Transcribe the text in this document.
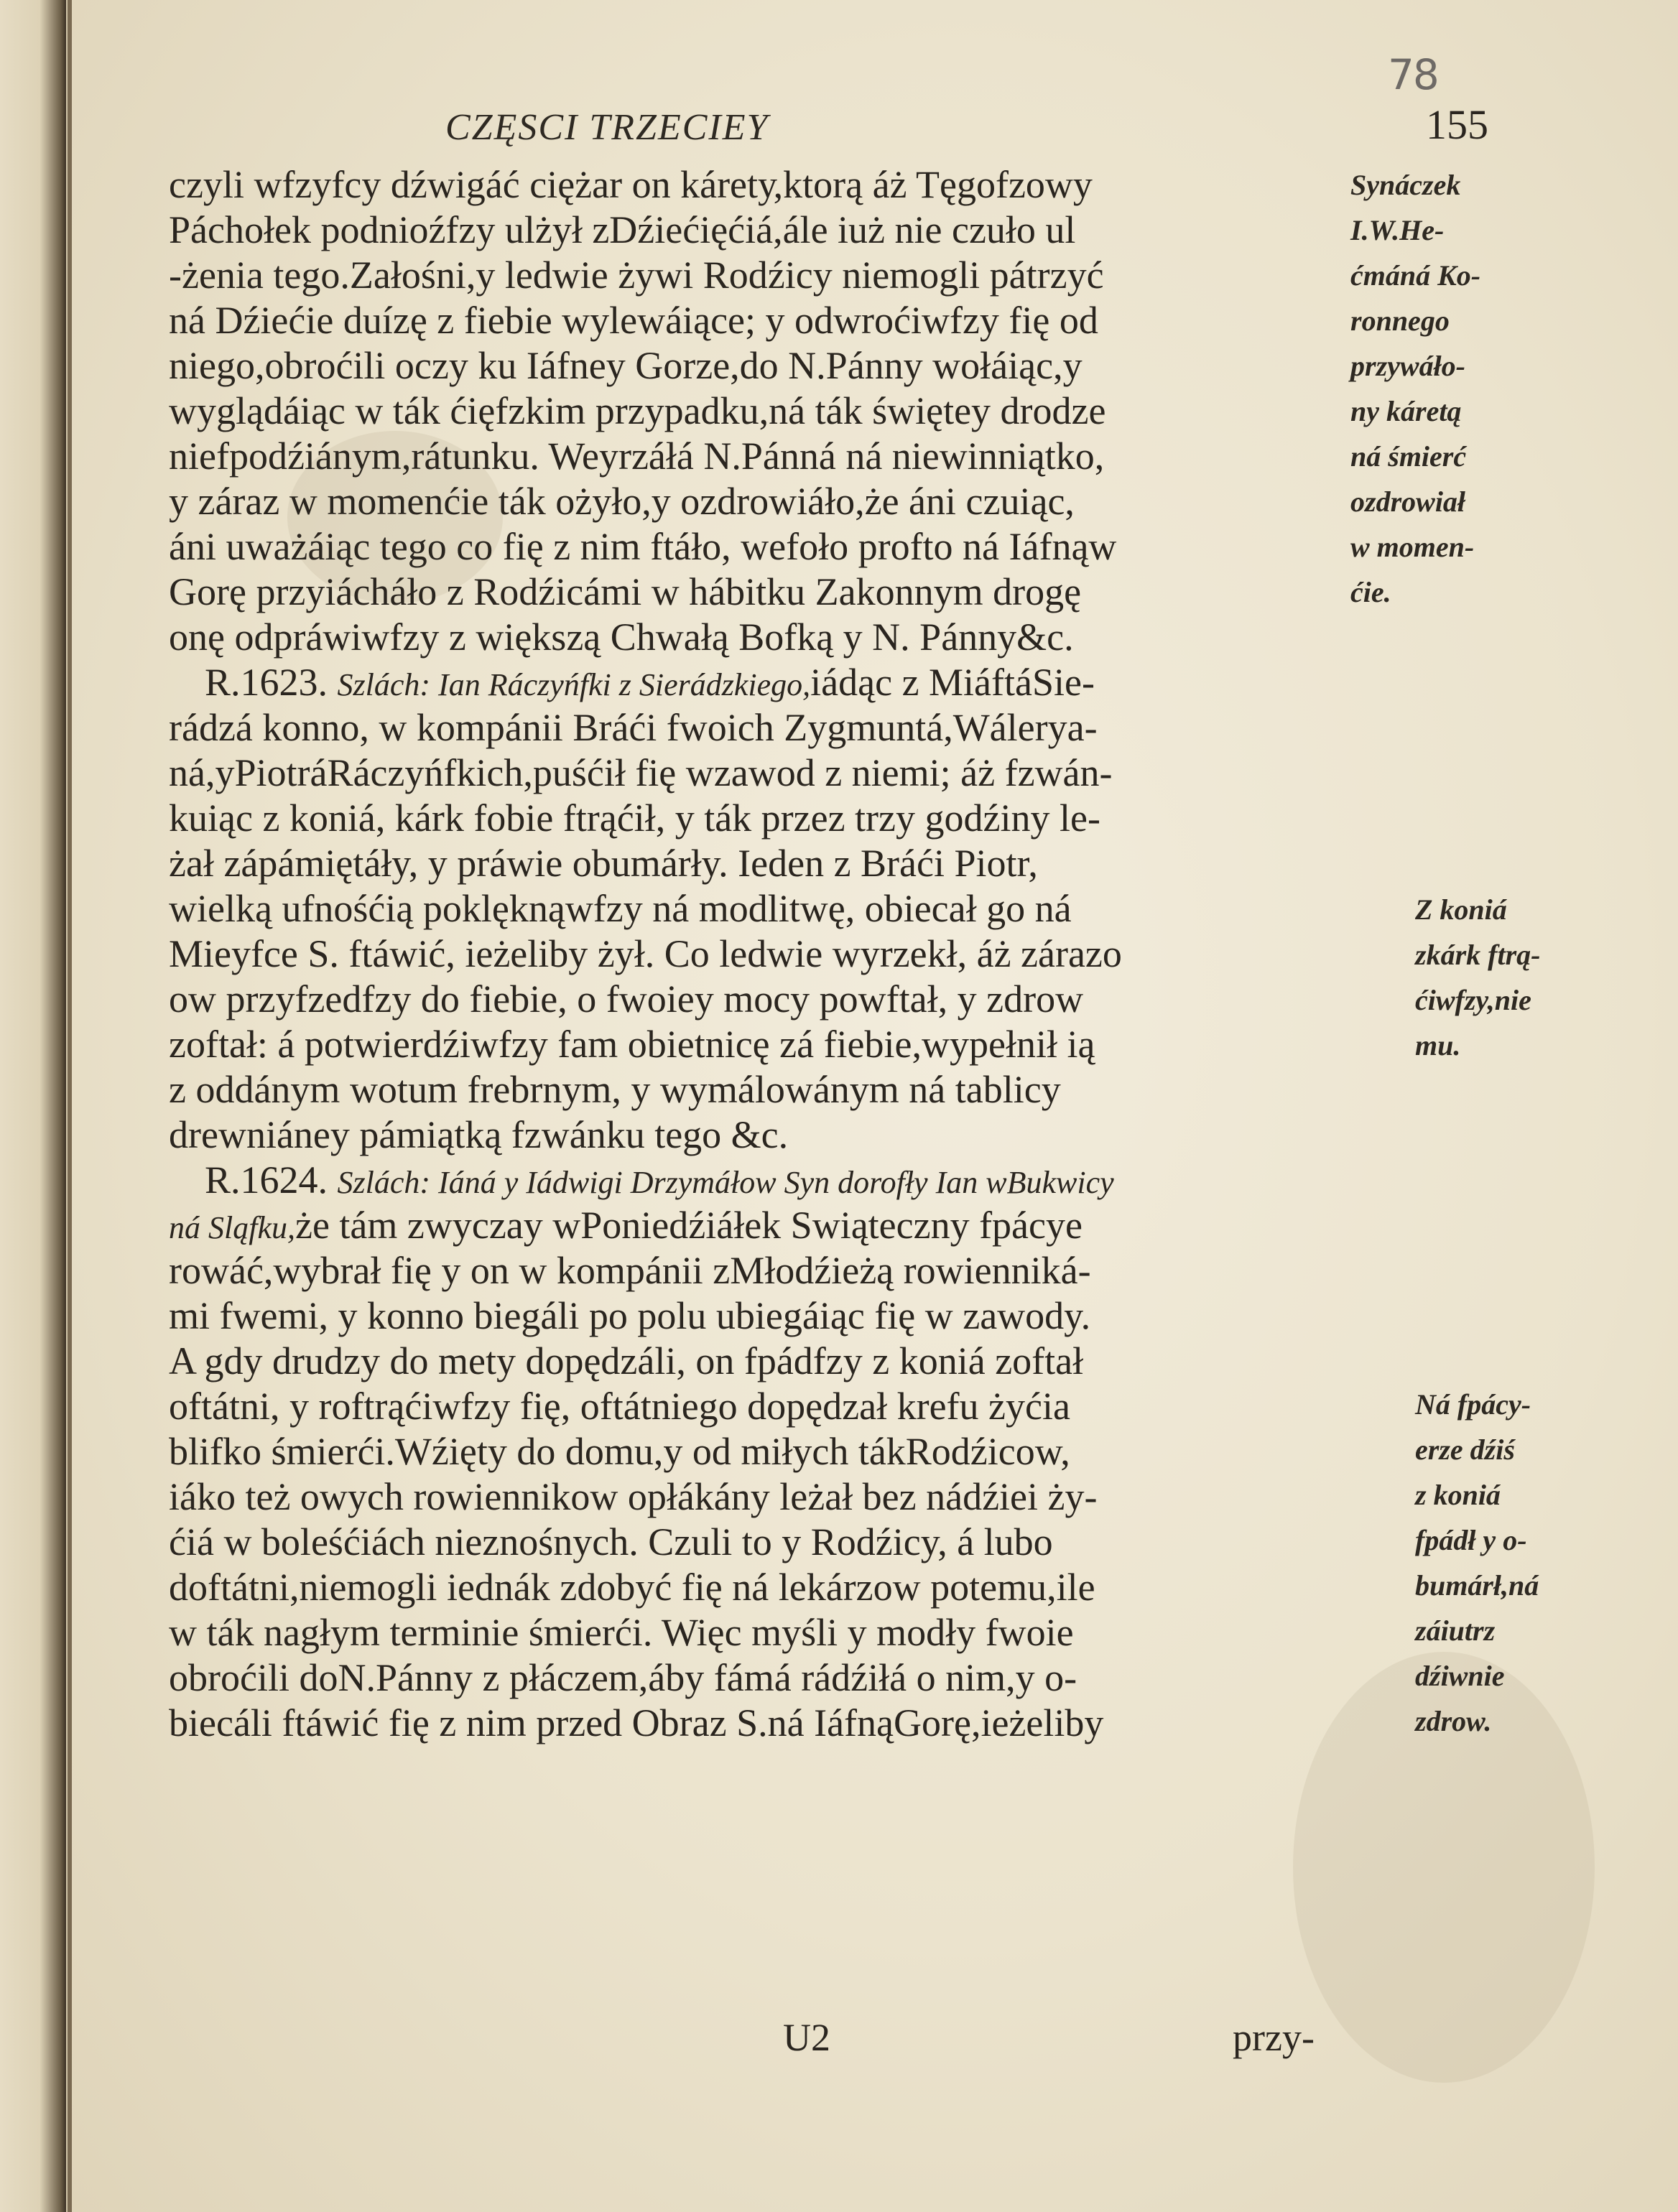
78
CZĘSCI TRZECIEY	155
czyli wfzyfcy dźwigáć ciężar on káretу,ktorą áż Tęgofzowy
Páchołek podnioźfzy ulżył zDźiećięćiá,ále iuż nie czuło ul
-żenia tego.Załośni,y ledwie żywi Rodźicy niemogli pátrzyć
ná Dźiećie duízę z fiebie wylewáiące; y odwroćiwfzy fię od
niego,obroćili oczy ku Iáfney Gorze,do N.Pánny wołáiąc,y
wyglądáiąc w ták ćięfzkim przypadku,ná ták świętey drodze
niefpodźiánym,rátunku. Weyrzáłá N.Pánná ná niewinniątko,
y záraz w momenćie ták ożyło,y ozdrowiáło,że áni czuiąc,
áni uważáiąc tego co fię z nim ftáło, wefoło profto ná Iáfnąw
Gorę przyiácháło z Rodźicámi w hábitku Zakonnym drogę
onę odpráwiwfzy z większą Chwałą Bofką y N. Pánny&c.
R.1623. Szlách: Ian Ráczyńfki z Sierádzkiego,iádąc z MiáftáSie-
rádzá konno, w kompánii Bráći fwoich Zygmuntá,Wálerya-
ná,yPiotráRáczyńfkich,puśćił fię wzawod z niemi; áż fzwán-
kuiąc z koniá, kárk fobie ftrąćił, y ták przez trzy godźiny le-
żał zápámiętáły, y práwie obumárły. Ieden z Bráći Piotr,
wielką ufnośćią poklęknąwfzy ná modlitwę, obiecał go ná
Mieyfce S. ftáwić, ieżeliby żył. Co ledwie wyrzekł, áż zárazo
ow przyfzedfzy do fiebie, o fwoiey mocy powftał, y zdrow
zoftał: á potwierdźiwfzy fam obietnicę zá fiebie,wypełnił ią
z oddánym wotum frebrnym, y wymálowánym ná tablicy
drewniáney pámiątką fzwánku tego &c.
R.1624. Szlách: Iáná y Iádwigi Drzymáłow Syn dorofły Ian wBukwicy
ná Sląfku,że tám zwyczay wPoniedźiáłek Swiąteczny fpácye
rowáć,wybrał fię y on w kompánii zMłodźieżą rowienniká-
mi fwemi, y konno biegáli po polu ubiegáiąc fię w zawody.
A gdy drudzy do mety dopędzáli, on fpádfzy z koniá zoftał
oftátni, y roftrąćiwfzy fię, oftátniego dopędzał krefu żyćia
blifko śmierći.Wźięty do domu,y od miłych tákRodźicow,
iáko też owych rowiennikow opłákány leżał bez nádźiei ży-
ćiá w boleśćiách nieznośnych. Czuli to y Rodźicy, á lubo
doftátni,niemogli iednák zdobyć fię ná lekárzow potemu,ile
w ták nagłym terminie śmierći. Więc myśli y modły fwoie
obroćili doN.Pánny z płáczem,áby fámá rádźiłá o nim,y o-
biecáli ftáwić fię z nim przed Obraz S.ná IáfnąGorę,ieżeliby
Synáczek
I.W.He-
ćmáná Ko-
ronnego
przywáło-
ny káretą
ná śmierć
ozdrowiał
w momen-
ćie.
Z koniá
zkárk ftrą-
ćiwfzy,nie
mu.
Ná fpácy-
erze dźiś
z koniá
fpádł y o-
bumárł,ná
záiutrz
dźiwnie
zdrow.
U2	przy-
